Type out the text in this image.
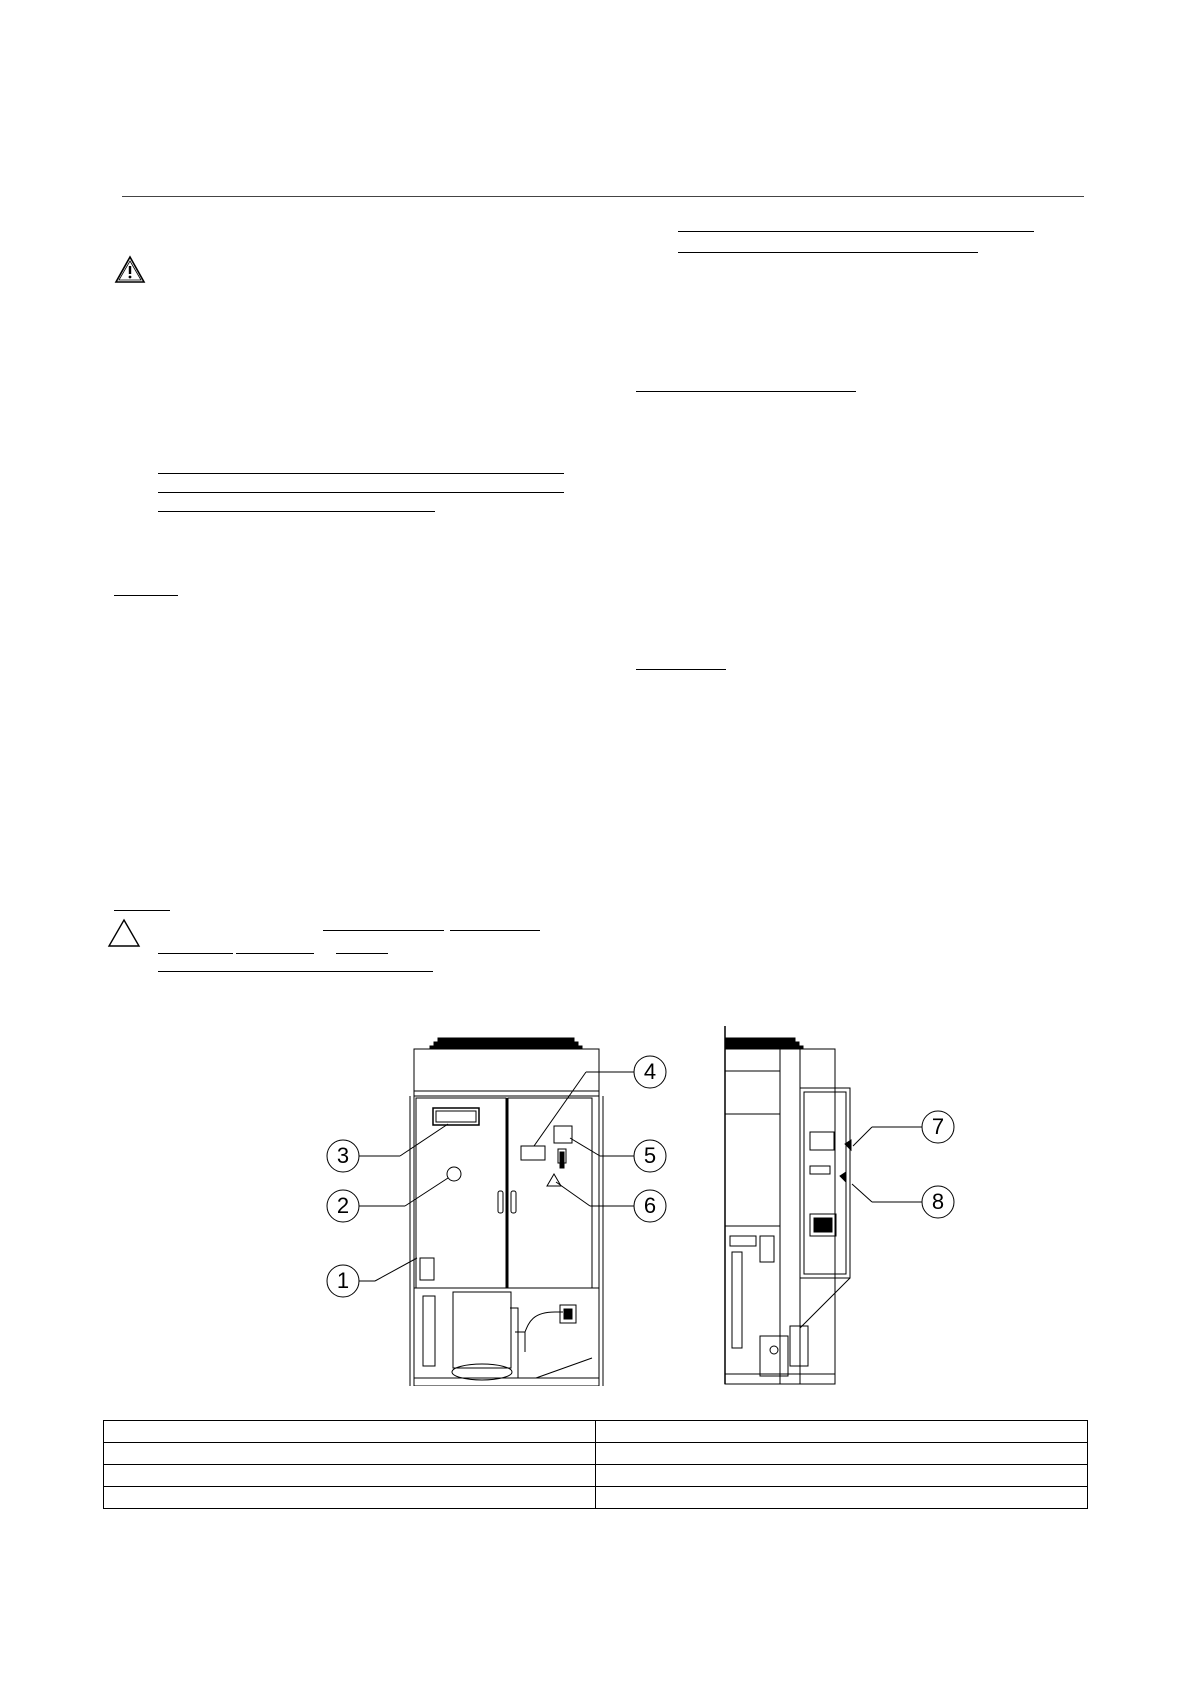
4
3	5
2	6
1
7
8
